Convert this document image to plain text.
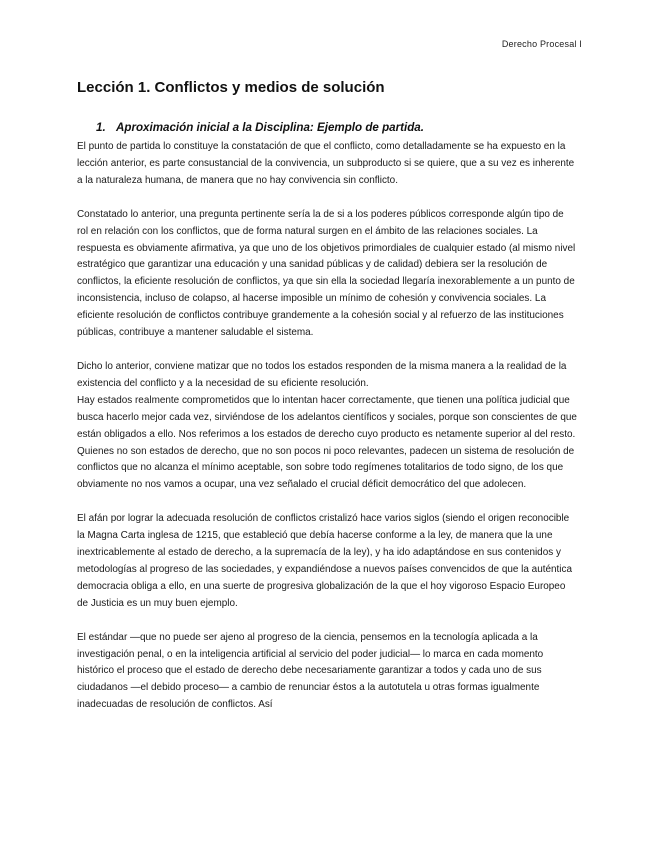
Derecho Procesal I
Lección 1. Conflictos y medios de solución
1. Aproximación inicial a la Disciplina: Ejemplo de partida.

El punto de partida lo constituye la constatación de que el conflicto, como detalladamente se ha expuesto en la lección anterior, es parte consustancial de la convivencia, un subproducto si se quiere, que a su vez es inherente a la naturaleza humana, de manera que no hay convivencia sin conflicto.

Constatado lo anterior, una pregunta pertinente sería la de si a los poderes públicos corresponde algún tipo de rol en relación con los conflictos, que de forma natural surgen en el ámbito de las relaciones sociales. La respuesta es obviamente afirmativa, ya que uno de los objetivos primordiales de cualquier estado (al mismo nivel estratégico que garantizar una educación y una sanidad públicas y de calidad) debiera ser la resolución de conflictos, la eficiente resolución de conflictos, ya que sin ella la sociedad llegaría inexorablemente a un punto de inconsistencia, incluso de colapso, al hacerse imposible un mínimo de cohesión y convivencia sociales. La eficiente resolución de conflictos contribuye grandemente a la cohesión social y al refuerzo de las instituciones públicas, contribuye a mantener saludable el sistema.

Dicho lo anterior, conviene matizar que no todos los estados responden de la misma manera a la realidad de la existencia del conflicto y a la necesidad de su eficiente resolución.

Hay estados realmente comprometidos que lo intentan hacer correctamente, que tienen una política judicial que busca hacerlo mejor cada vez, sirviéndose de los adelantos científicos y sociales, porque son conscientes de que están obligados a ello. Nos referimos a los estados de derecho cuyo producto es netamente superior al del resto. Quienes no son estados de derecho, que no son pocos ni poco relevantes, padecen un sistema de resolución de conflictos que no alcanza el mínimo aceptable, son sobre todo regímenes totalitarios de todo signo, de los que obviamente no nos vamos a ocupar, una vez señalado el crucial déficit democrático del que adolecen.

El afán por lograr la adecuada resolución de conflictos cristalizó hace varios siglos (siendo el origen reconocible la Magna Carta inglesa de 1215, que estableció que debía hacerse conforme a la ley, de manera que la une inextricablemente al estado de derecho, a la supremacía de la ley), y ha ido adaptándose en sus contenidos y metodologías al progreso de las sociedades, y expandiéndose a nuevos países convencidos de que la auténtica democracia obliga a ello, en una suerte de progresiva globalización de la que el hoy vigoroso Espacio Europeo de Justicia es un muy buen ejemplo.

El estándar —que no puede ser ajeno al progreso de la ciencia, pensemos en la tecnología aplicada a la investigación penal, o en la inteligencia artificial al servicio del poder judicial— lo marca en cada momento histórico el proceso que el estado de derecho debe necesariamente garantizar a todos y cada uno de sus ciudadanos —el debido proceso— a cambio de renunciar éstos a la autotutela u otras formas igualmente inadecuadas de resolución de conflictos. Así
